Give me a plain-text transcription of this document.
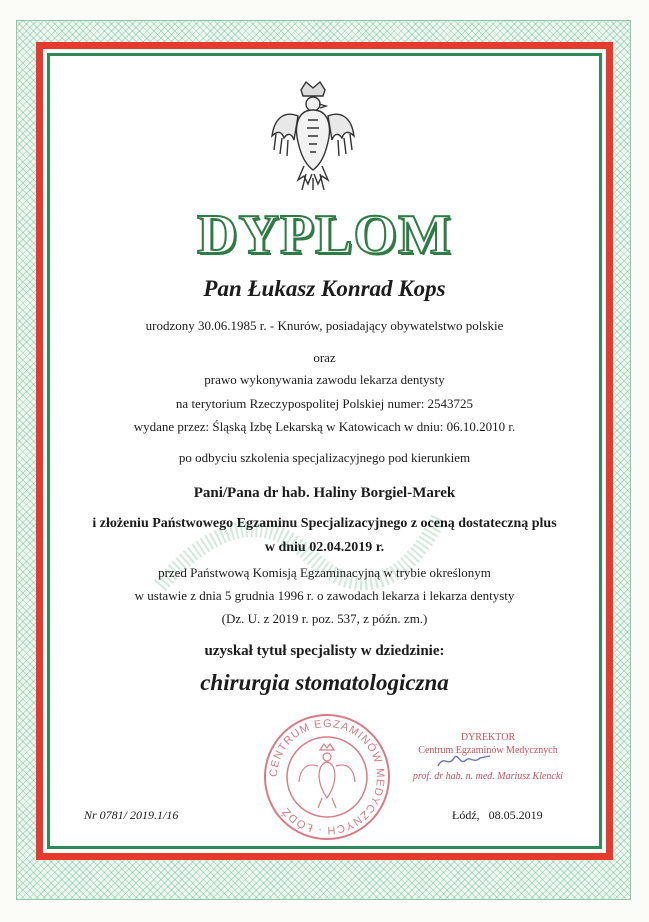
DYPLOM
Pan Łukasz Konrad Kops
urodzony 30.06.1985 r. - Knurów, posiadający obywatelstwo polskie
oraz
prawo wykonywania zawodu lekarza dentysty
na terytorium Rzeczypospolitej Polskiej numer: 2543725
wydane przez: Śląską Izbę Lekarską w Katowicach w dniu: 06.10.2010 r.
po odbyciu szkolenia specjalizacyjnego pod kierunkiem
Pani/Pana dr hab. Haliny Borgiel-Marek
i złożeniu Państwowego Egzaminu Specjalizacyjnego z oceną dostateczną plus
w dniu 02.04.2019 r.
przed Państwową Komisją Egzaminacyjną w trybie określonym
w ustawie z dnia 5 grudnia 1996 r. o zawodach lekarza i lekarza dentysty
(Dz. U. z 2019 r. poz. 537, z późn. zm.)
uzyskał tytuł specjalisty w dziedzinie:
chirurgia stomatologiczna
CENTRUM EGZAMINÓW MEDYCZNYCH · ŁÓDŹ
DYREKTOR
Centrum Egzaminów Medycznych
prof. dr hab. n. med. Mariusz Klencki
Nr 0781/ 2019.1/16	Łódź,   08.05.2019
